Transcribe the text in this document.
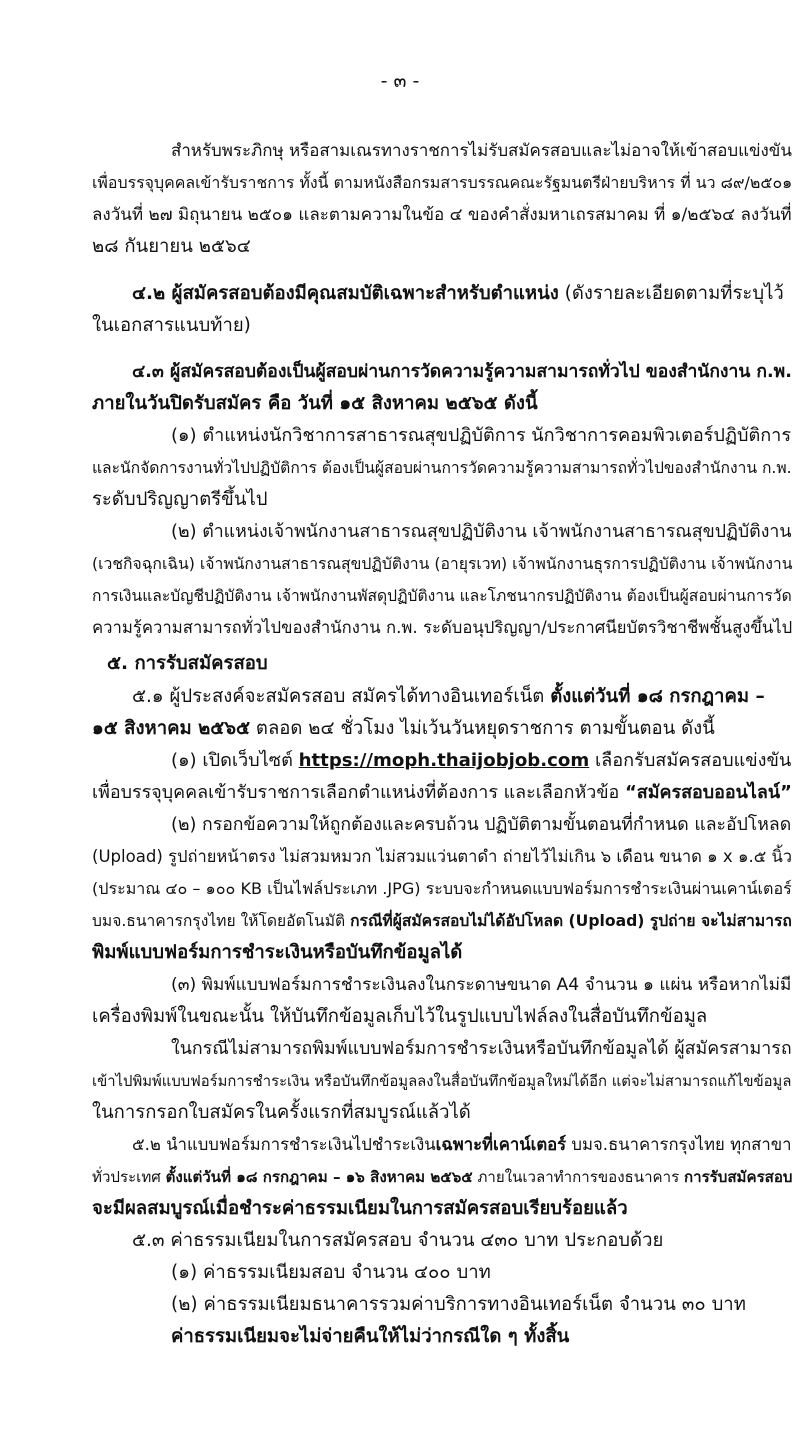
- ๓ -
สำหรับพระภิกษุ หรือสามเณรทางราชการไม่รับสมัครสอบและไม่อาจให้เข้าสอบแข่งขัน
เพื่อบรรจุบุคคลเข้ารับราชการ ทั้งนี้ ตามหนังสือกรมสารบรรณคณะรัฐมนตรีฝ่ายบริหาร ที่ นว ๘๙/๒๕๐๑
ลงวันที่ ๒๗ มิถุนายน ๒๕๐๑ และตามความในข้อ ๔ ของคำสั่งมหาเถรสมาคม ที่ ๑/๒๕๖๔ ลงวันที่
๒๘ กันยายน ๒๕๖๔
๔.๒ ผู้สมัครสอบต้องมีคุณสมบัติเฉพาะสำหรับตำแหน่ง (ดังรายละเอียดตามที่ระบุไว้
ในเอกสารแนบท้าย)
๔.๓ ผู้สมัครสอบต้องเป็นผู้สอบผ่านการวัดความรู้ความสามารถทั่วไป ของสำนักงาน ก.พ.
ภายในวันปิดรับสมัคร คือ วันที่ ๑๕ สิงหาคม ๒๕๖๕ ดังนี้
(๑) ตำแหน่งนักวิชาการสาธารณสุขปฏิบัติการ นักวิชาการคอมพิวเตอร์ปฏิบัติการ
และนักจัดการงานทั่วไปปฏิบัติการ ต้องเป็นผู้สอบผ่านการวัดความรู้ความสามารถทั่วไปของสำนักงาน ก.พ.
ระดับปริญญาตรีขึ้นไป
(๒) ตำแหน่งเจ้าพนักงานสาธารณสุขปฏิบัติงาน เจ้าพนักงานสาธารณสุขปฏิบัติงาน
(เวชกิจฉุกเฉิน) เจ้าพนักงานสาธารณสุขปฏิบัติงาน (อายุรเวท) เจ้าพนักงานธุรการปฏิบัติงาน เจ้าพนักงาน
การเงินและบัญชีปฏิบัติงาน เจ้าพนักงานพัสดุปฏิบัติงาน และโภชนากรปฏิบัติงาน ต้องเป็นผู้สอบผ่านการวัด
ความรู้ความสามารถทั่วไปของสำนักงาน ก.พ. ระดับอนุปริญญา/ประกาศนียบัตรวิชาชีพชั้นสูงขึ้นไป
๕. การรับสมัครสอบ
๕.๑ ผู้ประสงค์จะสมัครสอบ สมัครได้ทางอินเทอร์เน็ต ตั้งแต่วันที่ ๑๘ กรกฎาคม –
๑๕ สิงหาคม ๒๕๖๕ ตลอด ๒๔ ชั่วโมง ไม่เว้นวันหยุดราชการ ตามขั้นตอน ดังนี้
(๑) เปิดเว็บไซต์ https://moph.thaijobjob.com เลือกรับสมัครสอบแข่งขัน
เพื่อบรรจุบุคคลเข้ารับราชการเลือกตำแหน่งที่ต้องการ และเลือกหัวข้อ “สมัครสอบออนไลน์”
(๒) กรอกข้อความให้ถูกต้องและครบถ้วน ปฏิบัติตามขั้นตอนที่กำหนด และอัปโหลด
(Upload) รูปถ่ายหน้าตรง ไม่สวมหมวก ไม่สวมแว่นตาดำ ถ่ายไว้ไม่เกิน ๖ เดือน ขนาด ๑ x ๑.๕ นิ้ว
(ประมาณ ๔๐ – ๑๐๐ KB เป็นไฟล์ประเภท .JPG) ระบบจะกำหนดแบบฟอร์มการชำระเงินผ่านเคาน์เตอร์
บมจ.ธนาคารกรุงไทย ให้โดยอัตโนมัติ กรณีที่ผู้สมัครสอบไม่ได้อัปโหลด (Upload) รูปถ่าย จะไม่สามารถ
พิมพ์แบบฟอร์มการชำระเงินหรือบันทึกข้อมูลได้
(๓) พิมพ์แบบฟอร์มการชำระเงินลงในกระดาษขนาด A4 จำนวน ๑ แผ่น หรือหากไม่มี
เครื่องพิมพ์ในขณะนั้น ให้บันทึกข้อมูลเก็บไว้ในรูปแบบไฟล์ลงในสื่อบันทึกข้อมูล
ในกรณีไม่สามารถพิมพ์แบบฟอร์มการชำระเงินหรือบันทึกข้อมูลได้ ผู้สมัครสามารถ
เข้าไปพิมพ์แบบฟอร์มการชำระเงิน หรือบันทึกข้อมูลลงในสื่อบันทึกข้อมูลใหม่ได้อีก แต่จะไม่สามารถแก้ไขข้อมูล
ในการกรอกใบสมัครในครั้งแรกที่สมบูรณ์แล้วได้
๕.๒ นำแบบฟอร์มการชำระเงินไปชำระเงินเฉพาะที่เคาน์เตอร์ บมจ.ธนาคารกรุงไทย ทุกสาขา
ทั่วประเทศ ตั้งแต่วันที่ ๑๘ กรกฎาคม – ๑๖ สิงหาคม ๒๕๖๕ ภายในเวลาทำการของธนาคาร การรับสมัครสอบ
จะมีผลสมบูรณ์เมื่อชำระค่าธรรมเนียมในการสมัครสอบเรียบร้อยแล้ว
๕.๓ ค่าธรรมเนียมในการสมัครสอบ จำนวน ๔๓๐ บาท ประกอบด้วย
(๑) ค่าธรรมเนียมสอบ จำนวน ๔๐๐ บาท
(๒) ค่าธรรมเนียมธนาคารรวมค่าบริการทางอินเทอร์เน็ต จำนวน ๓๐ บาท
ค่าธรรมเนียมจะไม่จ่ายคืนให้ไม่ว่ากรณีใด ๆ ทั้งสิ้น
